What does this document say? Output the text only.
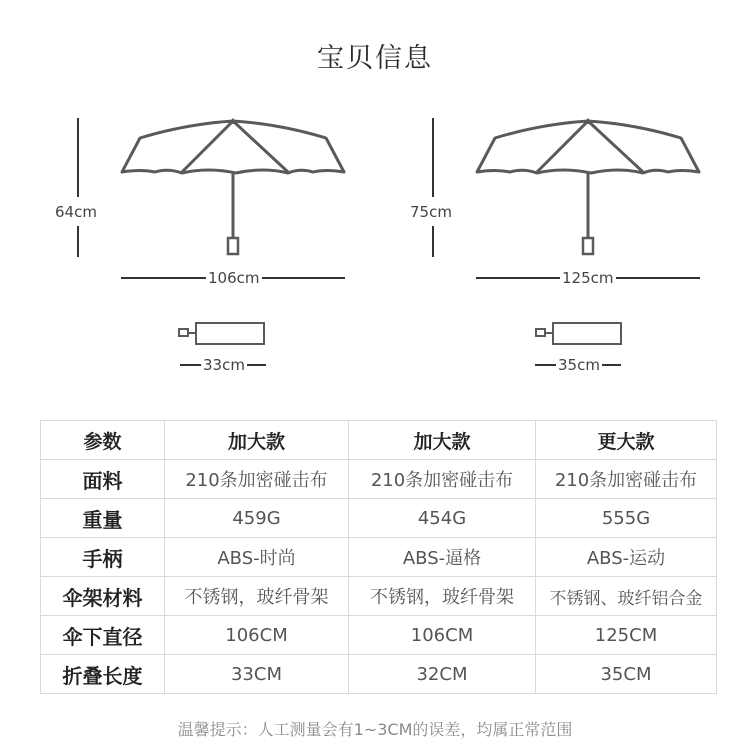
宝贝信息
64cm
106cm
33cm
75cm
125cm
35cm
参数	加大款	加大款	更大款
面料	210条加密碰击布	210条加密碰击布	210条加密碰击布
重量	459G	454G	555G
手柄	ABS-时尚	ABS-逼格	ABS-运动
伞架材料	不锈钢，玻纤骨架	不锈钢，玻纤骨架	不锈钢、玻纤铝合金
伞下直径	106CM	106CM	125CM
折叠长度	33CM	32CM	35CM
温馨提示：人工测量会有1~3CM的误差，均属正常范围
